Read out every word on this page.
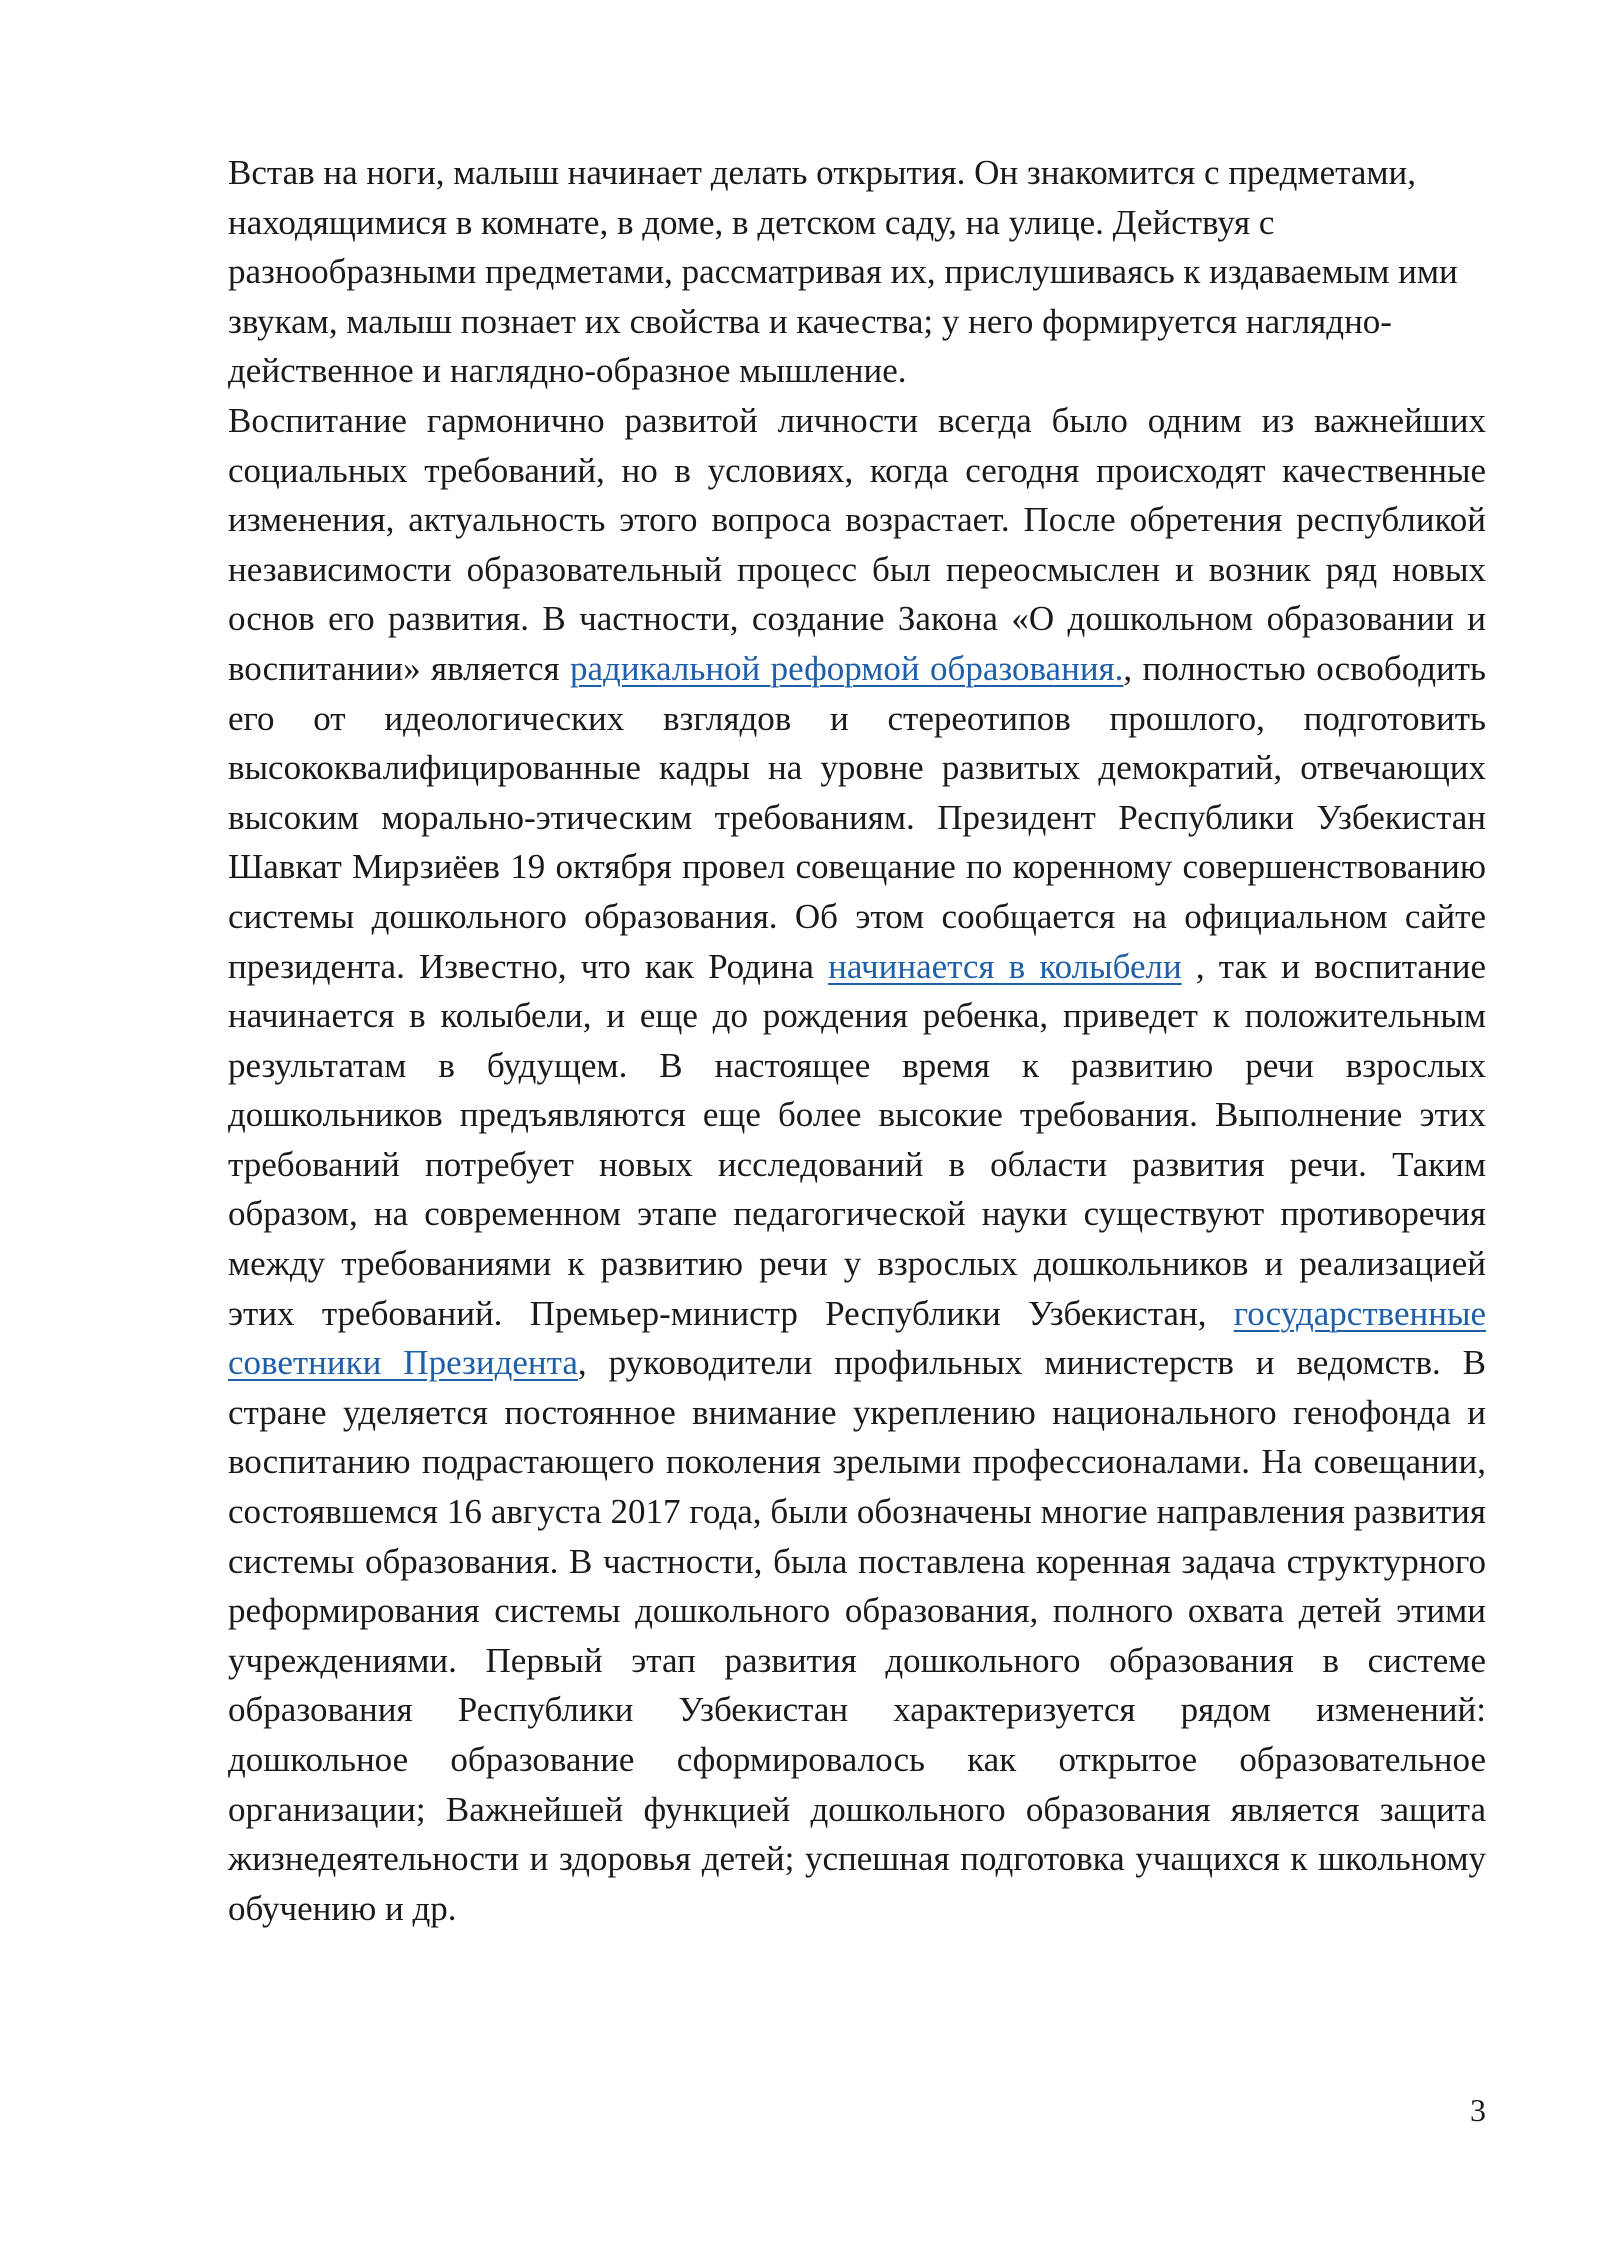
Встав на ноги, малыш начинает делать открытия. Он знакомится с предметами, находящимися в комнате, в доме, в детском саду, на улице. Действуя с разнообразными предметами, рассматривая их, прислушиваясь к издаваемым ими звукам, малыш познает их свойства и качества; у него формируется наглядно-действенное и наглядно-образное мышление.

Воспитание гармонично развитой личности всегда было одним из важнейших социальных требований, но в условиях, когда сегодня происходят качественные изменения, актуальность этого вопроса возрастает. После обретения республикой независимости образовательный процесс был переосмыслен и возник ряд новых основ его развития. В частности, создание Закона «О дошкольном образовании и воспитании» является радикальной реформой образования., полностью освободить его от идеологических взглядов и стереотипов прошлого, подготовить высококвалифицированные кадры на уровне развитых демократий, отвечающих высоким морально-этическим требованиям. Президент Республики Узбекистан Шавкат Мирзиёев 19 октября провел совещание по коренному совершенствованию системы дошкольного образования. Об этом сообщается на официальном сайте президента. Известно, что как Родина начинается в колыбели , так и воспитание начинается в колыбели, и еще до рождения ребенка, приведет к положительным результатам в будущем. В настоящее время к развитию речи взрослых дошкольников предъявляются еще более высокие требования. Выполнение этих требований потребует новых исследований в области развития речи. Таким образом, на современном этапе педагогической науки существуют противоречия между требованиями к развитию речи у взрослых дошкольников и реализацией этих требований. Премьер-министр Республики Узбекистан, государственные советники Президента, руководители профильных министерств и ведомств. В стране уделяется постоянное внимание укреплению национального генофонда и воспитанию подрастающего поколения зрелыми профессионалами. На совещании, состоявшемся 16 августа 2017 года, были обозначены многие направления развития системы образования. В частности, была поставлена коренная задача структурного реформирования системы дошкольного образования, полного охвата детей этими учреждениями. Первый этап развития дошкольного образования в системе образования Республики Узбекистан характеризуется рядом изменений: дошкольное образование сформировалось как открытое образовательное организации; Важнейшей функцией дошкольного образования является защита жизнедеятельности и здоровья детей; успешная подготовка учащихся к школьному обучению и др.

3
